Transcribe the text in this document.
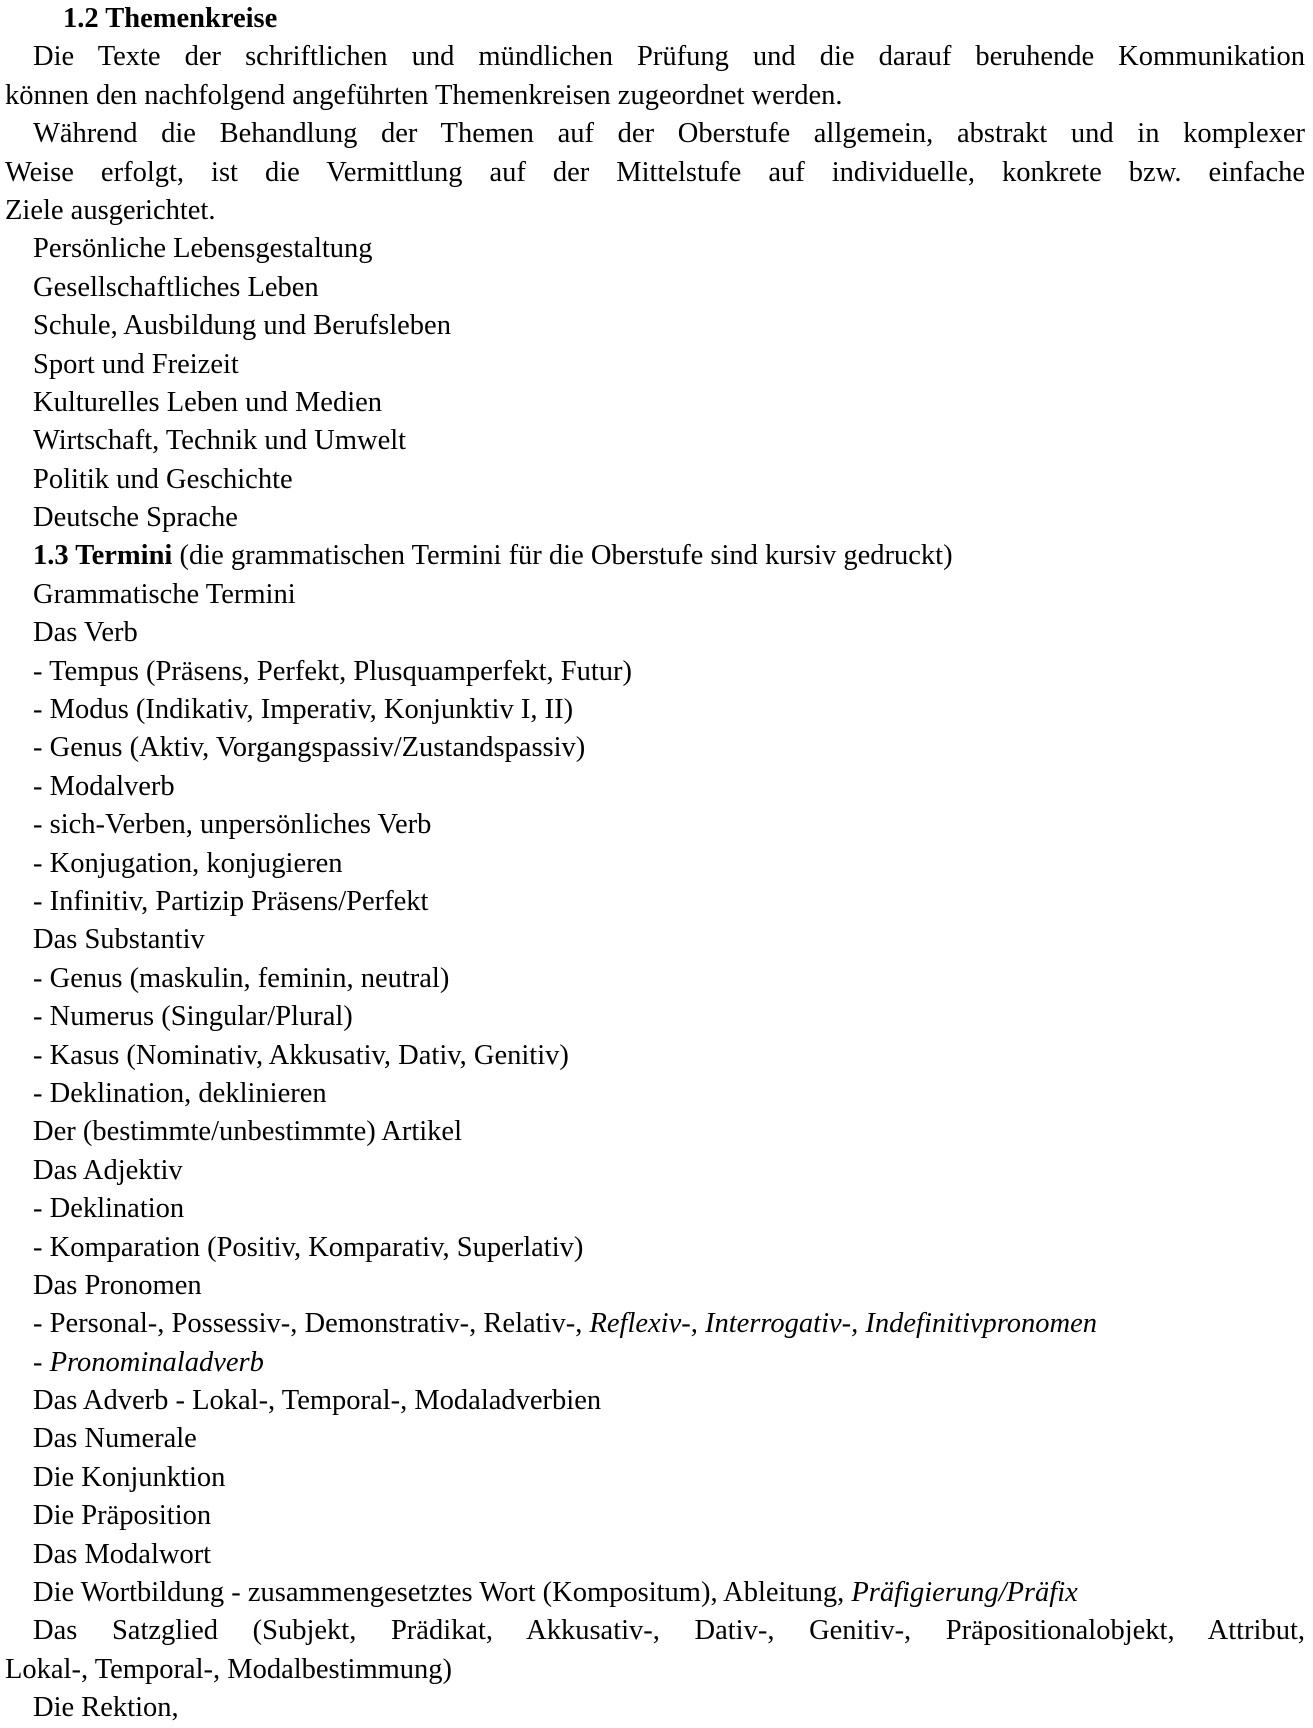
1.2 Themenkreise
Die Texte der schriftlichen und mündlichen Prüfung und die darauf beruhende Kommunikation
können den nachfolgend angeführten Themenkreisen zugeordnet werden.
Während die Behandlung der Themen auf der Oberstufe allgemein, abstrakt und in komplexer
Weise erfolgt, ist die Vermittlung auf der Mittelstufe auf individuelle, konkrete bzw. einfache
Ziele ausgerichtet.
Persönliche Lebensgestaltung
Gesellschaftliches Leben
Schule, Ausbildung und Berufsleben
Sport und Freizeit
Kulturelles Leben und Medien
Wirtschaft, Technik und Umwelt
Politik und Geschichte
Deutsche Sprache
1.3 Termini (die grammatischen Termini für die Oberstufe sind kursiv gedruckt)
Grammatische Termini
Das Verb
- Tempus (Präsens, Perfekt, Plusquamperfekt, Futur)
- Modus (Indikativ, Imperativ, Konjunktiv I, II)
- Genus (Aktiv, Vorgangspassiv/Zustandspassiv)
- Modalverb
- sich-Verben, unpersönliches Verb
- Konjugation, konjugieren
- Infinitiv, Partizip Präsens/Perfekt
Das Substantiv
- Genus (maskulin, feminin, neutral)
- Numerus (Singular/Plural)
- Kasus (Nominativ, Akkusativ, Dativ, Genitiv)
- Deklination, deklinieren
Der (bestimmte/unbestimmte) Artikel
Das Adjektiv
- Deklination
- Komparation (Positiv, Komparativ, Superlativ)
Das Pronomen
- Personal-, Possessiv-, Demonstrativ-, Relativ-, Reflexiv-, Interrogativ-, Indefinitivpronomen
- Pronominaladverb
Das Adverb - Lokal-, Temporal-, Modaladverbien
Das Numerale
Die Konjunktion
Die Präposition
Das Modalwort
Die Wortbildung - zusammengesetztes Wort (Kompositum), Ableitung, Präfigierung/Präfix
Das Satzglied (Subjekt, Prädikat, Akkusativ-, Dativ-, Genitiv-, Präpositionalobjekt, Attribut,
Lokal-, Temporal-, Modalbestimmung)
Die Rektion,
